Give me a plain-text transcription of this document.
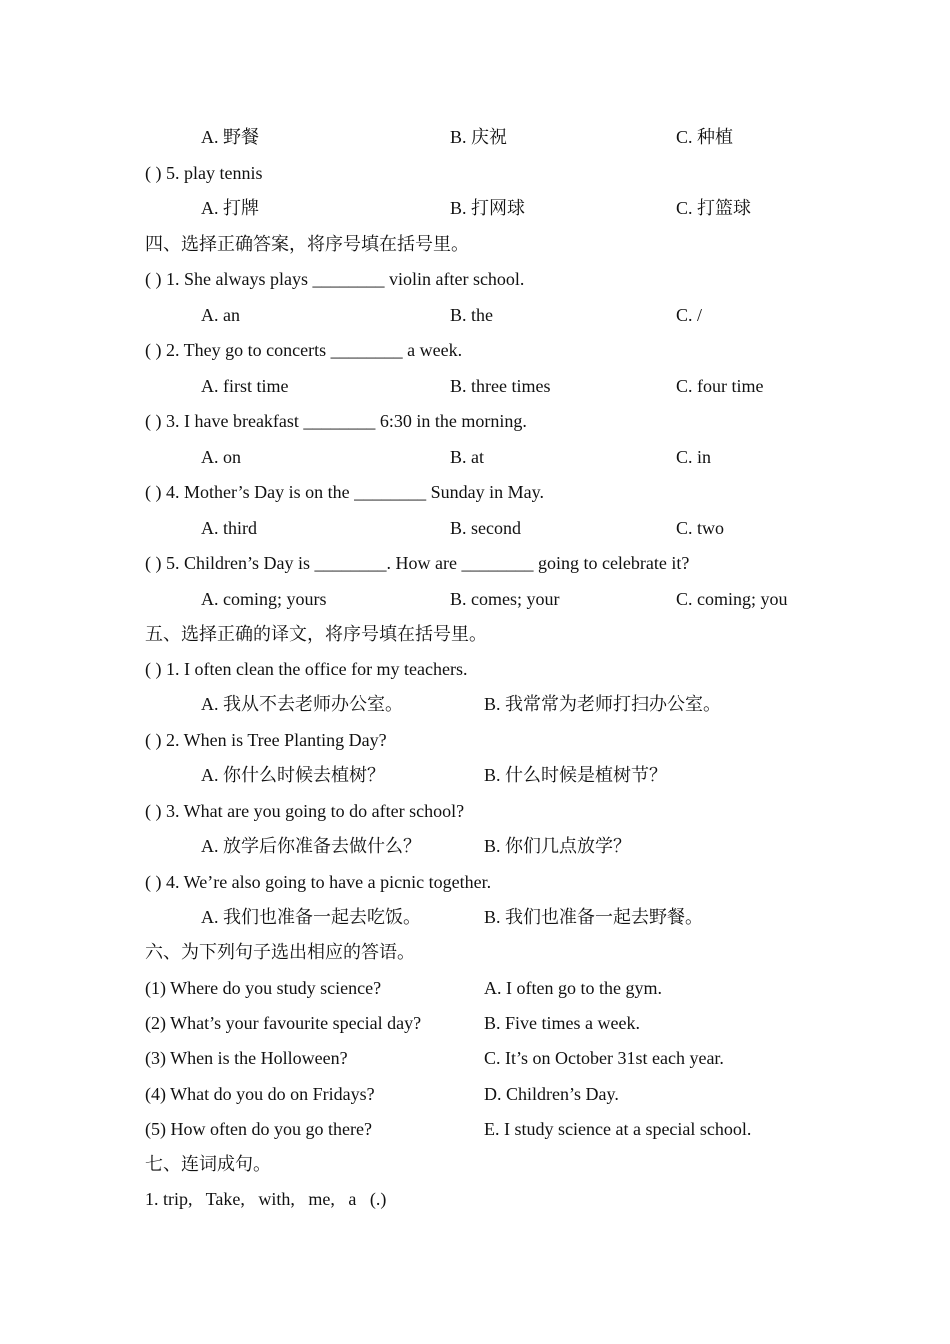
A. 野餐	B. 庆祝	C. 种植
( ) 5. play tennis
A. 打牌	B. 打网球	C. 打篮球
四、选择正确答案，将序号填在括号里。
( ) 1. She always plays ________ violin after school.
A. an	B. the	C. /
( ) 2. They go to concerts ________ a week.
A. first time	B. three times	C. four time
( ) 3. I have breakfast ________ 6:30 in the morning.
A. on	B. at	C. in
( ) 4. Mother’s Day is on the ________ Sunday in May.
A. third	B. second	C. two
( ) 5. Children’s Day is ________. How are ________ going to celebrate it?
A. coming; yours	B. comes; your	C. coming; you
五、选择正确的译文，将序号填在括号里。
( ) 1. I often clean the office for my teachers.
A. 我从不去老师办公室。	B. 我常常为老师打扫办公室。
( ) 2. When is Tree Planting Day?
A. 你什么时候去植树？	B. 什么时候是植树节？
( ) 3. What are you going to do after school?
A. 放学后你准备去做什么？	B. 你们几点放学？
( ) 4. We’re also going to have a picnic together.
A. 我们也准备一起去吃饭。	B. 我们也准备一起去野餐。
六、为下列句子选出相应的答语。
(1) Where do you study science?	A. I often go to the gym.
(2) What’s your favourite special day?	B. Five times a week.
(3) When is the Holloween?	C. It’s on October 31st each year.
(4) What do you do on Fridays?	D. Children’s Day.
(5) How often do you go there?	E. I study science at a special school.
七、连词成句。
1. trip,   Take,   with,   me,   a   (.)
